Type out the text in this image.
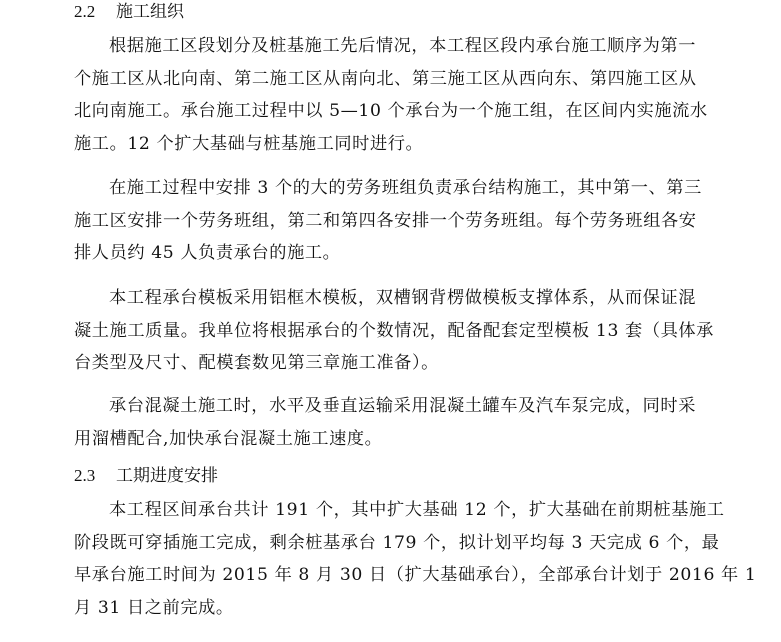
2.2 施工组织
根据施工区段划分及桩基施工先后情况，本工程区段内承台施工顺序为第一
个施工区从北向南、第二施工区从南向北、第三施工区从西向东、第四施工区从
北向南施工。承台施工过程中以 5—10 个承台为一个施工组，在区间内实施流水
施工。12 个扩大基础与桩基施工同时进行。
在施工过程中安排 3 个的大的劳务班组负责承台结构施工，其中第一、第三
施工区安排一个劳务班组，第二和第四各安排一个劳务班组。每个劳务班组各安
排人员约 45 人负责承台的施工。
本工程承台模板采用铝框木模板，双槽钢背楞做模板支撑体系，从而保证混
凝土施工质量。我单位将根据承台的个数情况，配备配套定型模板 13 套（具体承
台类型及尺寸、配模套数见第三章施工准备）。
承台混凝土施工时，水平及垂直运输采用混凝土罐车及汽车泵完成，同时采
用溜槽配合,加快承台混凝土施工速度。
2.3 工期进度安排
本工程区间承台共计 191 个，其中扩大基础 12 个，扩大基础在前期桩基施工
阶段既可穿插施工完成，剩余桩基承台 179 个，拟计划平均每 3 天完成 6 个，最
早承台施工时间为 2015 年 8 月 30 日（扩大基础承台），全部承台计划于 2016 年 1
月 31 日之前完成。
